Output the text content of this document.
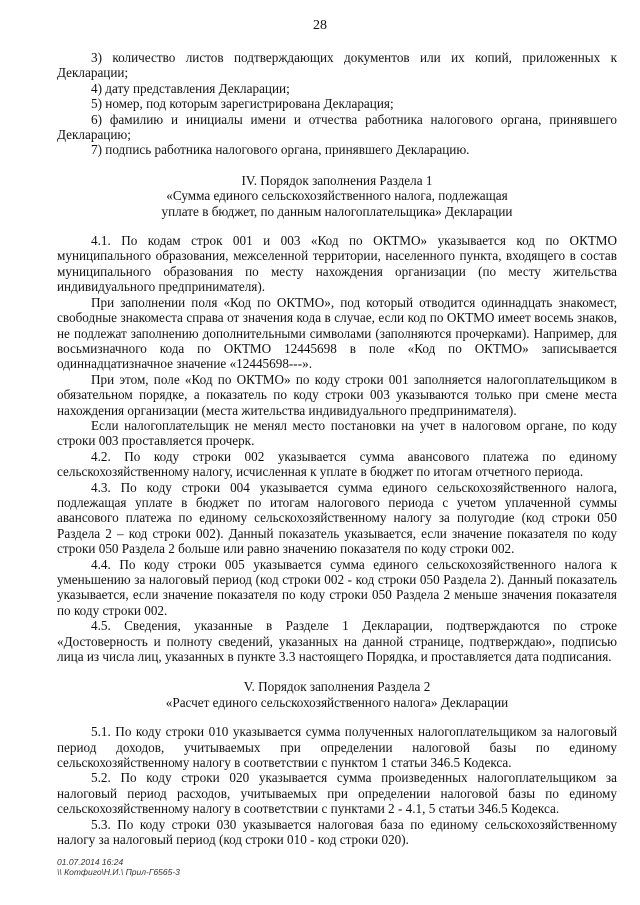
28

3) количество листов подтверждающих документов или их копий, приложенных к Декларации;

4) дату представления Декларации;

5) номер, под которым зарегистрирована Декларация;

6) фамилию и инициалы имени и отчества работника налогового органа, принявшего Декларацию;

7) подпись работника налогового органа, принявшего Декларацию.

IV. Порядок заполнения Раздела 1

«Сумма единого сельскохозяйственного налога, подлежащая

уплате в бюджет, по данным налогоплательщика» Декларации

4.1. По кодам строк 001 и 003 «Код по ОКТМО» указывается код по ОКТМО муниципального образования, межселенной территории, населенного пункта, входящего в состав муниципального образования по месту нахождения организации (по месту жительства индивидуального предпринимателя).

При заполнении поля «Код по ОКТМО», под который отводится одиннадцать знакомест, свободные знакоместа справа от значения кода в случае, если код по ОКТМО имеет восемь знаков, не подлежат заполнению дополнительными символами (заполняются прочерками). Например, для восьмизначного кода по ОКТМО 12445698 в поле «Код по ОКТМО» записывается одиннадцатизначное значение «12445698---».

При этом, поле «Код по ОКТМО» по коду строки 001 заполняется налогоплательщиком в обязательном порядке, а показатель по коду строки 003 указываются только при смене места нахождения организации (места жительства индивидуального предпринимателя).

Если налогоплательщик не менял место постановки на учет в налоговом органе, по коду строки 003 проставляется прочерк.

4.2. По коду строки 002 указывается сумма авансового платежа по единому сельскохозяйственному налогу, исчисленная к уплате в бюджет по итогам отчетного периода.

4.3. По коду строки 004 указывается сумма единого сельскохозяйственного налога, подлежащая уплате в бюджет по итогам налогового периода с учетом уплаченной суммы авансового платежа по единому сельскохозяйственному налогу за полугодие (код строки 050 Раздела 2 – код строки 002). Данный показатель указывается, если значение показателя по коду строки 050 Раздела 2 больше или равно значению показателя по коду строки 002.

4.4. По коду строки 005 указывается сумма единого сельскохозяйственного налога к уменьшению за налоговый период (код строки 002 - код строки 050 Раздела 2). Данный показатель указывается, если значение показателя по коду строки 050 Раздела 2 меньше значения показателя по коду строки 002.

4.5. Сведения, указанные в Разделе 1 Декларации, подтверждаются по строке «Достоверность и полноту сведений, указанных на данной странице, подтверждаю», подписью лица из числа лиц, указанных в пункте 3.3 настоящего Порядка, и проставляется дата подписания.

V. Порядок заполнения Раздела 2

«Расчет единого сельскохозяйственного налога» Декларации

5.1. По коду строки 010 указывается сумма полученных налогоплательщиком за налоговый период доходов, учитываемых при определении налоговой базы по единому сельскохозяйственному налогу в соответствии с пунктом 1 статьи 346.5 Кодекса.

5.2. По коду строки 020 указывается сумма произведенных налогоплательщиком за налоговый период расходов, учитываемых при определении налоговой базы по единому сельскохозяйственному налогу в соответствии с пунктами 2 - 4.1, 5 статьи 346.5 Кодекса.

5.3. По коду строки 030 указывается налоговая база по единому сельскохозяйственному налогу за налоговый период (код строки 010 - код строки 020).

01.07.2014 16:24
\\ Котфиго\Н.И.\ Прил-Г6565-3
